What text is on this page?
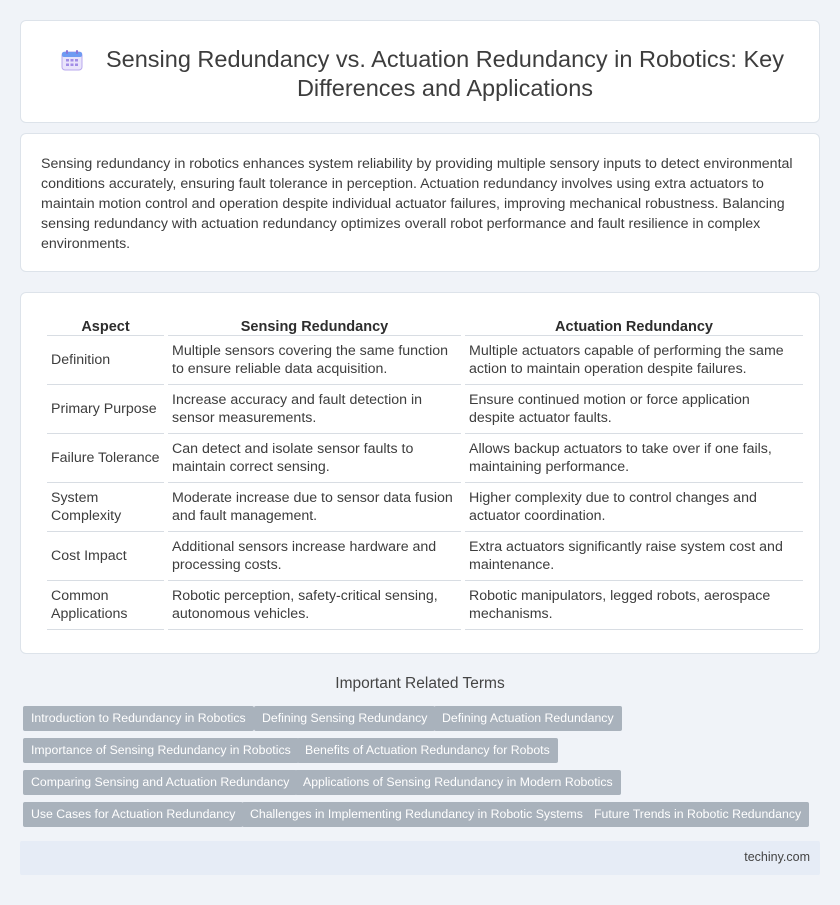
Sensing Redundancy vs. Actuation Redundancy in Robotics: Key Differences and Applications

Sensing redundancy in robotics enhances system reliability by providing multiple sensory inputs to detect environmental conditions accurately, ensuring fault tolerance in perception. Actuation redundancy involves using extra actuators to maintain motion control and operation despite individual actuator failures, improving mechanical robustness. Balancing sensing redundancy with actuation redundancy optimizes overall robot performance and fault resilience in complex environments.

Aspect	Sensing Redundancy	Actuation Redundancy
Definition	Multiple sensors covering the same function to ensure reliable data acquisition.	Multiple actuators capable of performing the same action to maintain operation despite failures.
Primary Purpose	Increase accuracy and fault detection in sensor measurements.	Ensure continued motion or force application despite actuator faults.
Failure Tolerance	Can detect and isolate sensor faults to maintain correct sensing.	Allows backup actuators to take over if one fails, maintaining performance.
System Complexity	Moderate increase due to sensor data fusion and fault management.	Higher complexity due to control changes and actuator coordination.
Cost Impact	Additional sensors increase hardware and processing costs.	Extra actuators significantly raise system cost and maintenance.
Common Applications	Robotic perception, safety-critical sensing, autonomous vehicles.	Robotic manipulators, legged robots, aerospace mechanisms.
Important Related Terms
Introduction to Redundancy in Robotics	Defining Sensing Redundancy	Defining Actuation Redundancy
Importance of Sensing Redundancy in Robotics	Benefits of Actuation Redundancy for Robots
Comparing Sensing and Actuation Redundancy	Applications of Sensing Redundancy in Modern Robotics
Use Cases for Actuation Redundancy	Challenges in Implementing Redundancy in Robotic Systems Future Trends in Robotic Redundancy
techiny.com
